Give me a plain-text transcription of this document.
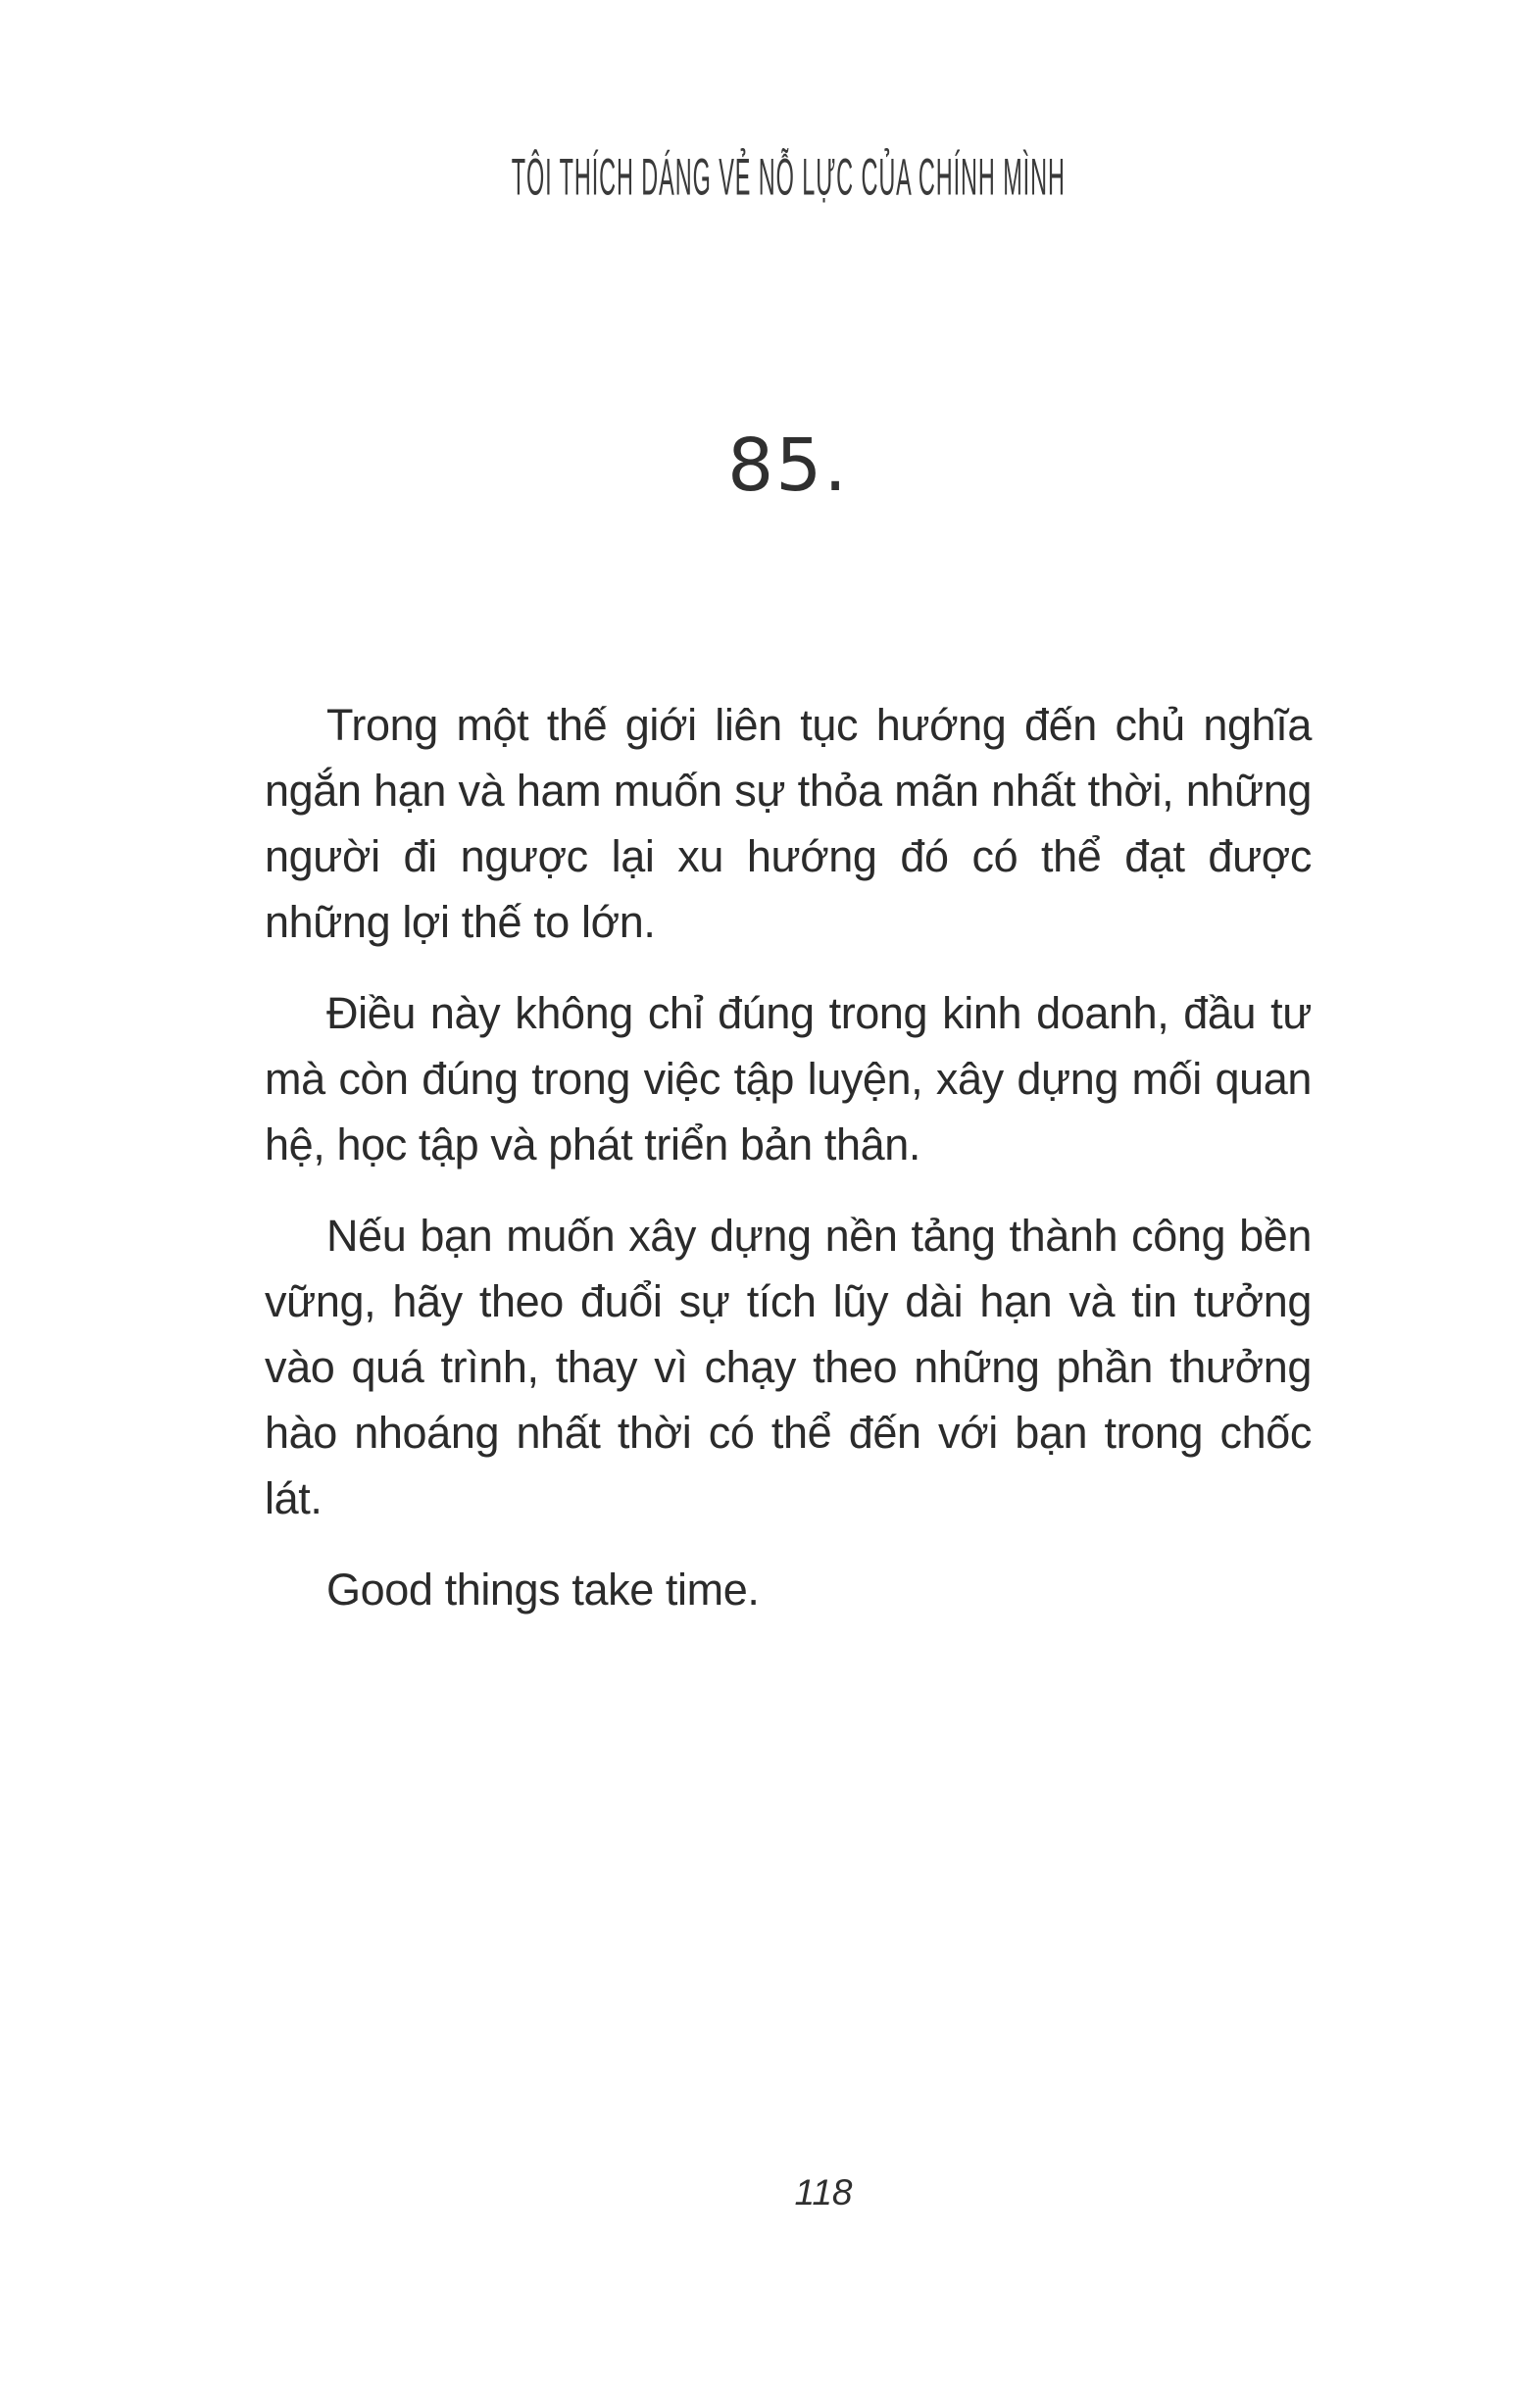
TÔI THÍCH DÁNG VẺ NỖ LỰC CỦA CHÍNH MÌNH
85.

Trong một thế giới liên tục hướng đến chủ nghĩa ngắn hạn và ham muốn sự thỏa mãn nhất thời, những người đi ngược lại xu hướng đó có thể đạt được những lợi thế to lớn.

Điều này không chỉ đúng trong kinh doanh, đầu tư mà còn đúng trong việc tập luyện, xây dựng mối quan hệ, học tập và phát triển bản thân.

Nếu bạn muốn xây dựng nền tảng thành công bền vững, hãy theo đuổi sự tích lũy dài hạn và tin tưởng vào quá trình, thay vì chạy theo những phần thưởng hào nhoáng nhất thời có thể đến với bạn trong chốc lát.

Good things take time.

118
